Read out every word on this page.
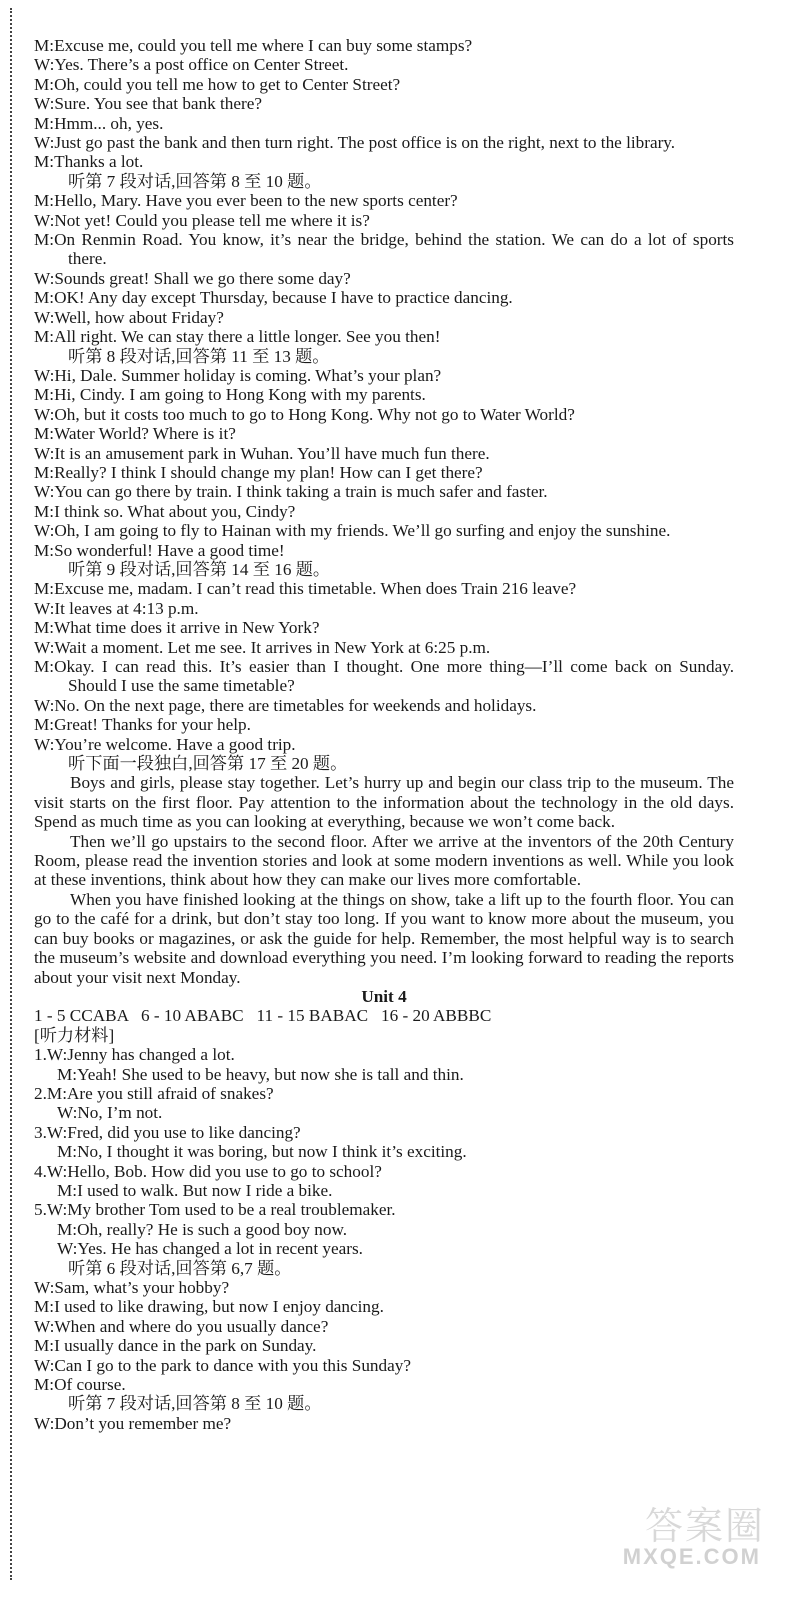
M:Excuse me, could you tell me where I can buy some stamps?
W:Yes. There’s a post office on Center Street.
M:Oh, could you tell me how to get to Center Street?
W:Sure. You see that bank there?
M:Hmm... oh, yes.
W:Just go past the bank and then turn right. The post office is on the right, next to the library.
M:Thanks a lot.
听第 7 段对话,回答第 8 至 10 题。
M:Hello, Mary. Have you ever been to the new sports center?
W:Not yet! Could you please tell me where it is?
M:On Renmin Road. You know, it’s near the bridge, behind the station. We can do a lot of sports there.
W:Sounds great! Shall we go there some day?
M:OK! Any day except Thursday, because I have to practice dancing.
W:Well, how about Friday?
M:All right. We can stay there a little longer. See you then!
听第 8 段对话,回答第 11 至 13 题。
W:Hi, Dale. Summer holiday is coming. What’s your plan?
M:Hi, Cindy. I am going to Hong Kong with my parents.
W:Oh, but it costs too much to go to Hong Kong. Why not go to Water World?
M:Water World? Where is it?
W:It is an amusement park in Wuhan. You’ll have much fun there.
M:Really? I think I should change my plan! How can I get there?
W:You can go there by train. I think taking a train is much safer and faster.
M:I think so. What about you, Cindy?
W:Oh, I am going to fly to Hainan with my friends. We’ll go surfing and enjoy the sunshine.
M:So wonderful! Have a good time!
听第 9 段对话,回答第 14 至 16 题。
M:Excuse me, madam. I can’t read this timetable. When does Train 216 leave?
W:It leaves at 4:13 p.m.
M:What time does it arrive in New York?
W:Wait a moment. Let me see. It arrives in New York at 6:25 p.m.
M:Okay. I can read this. It’s easier than I thought. One more thing—I’ll come back on Sunday. Should I use the same timetable?
W:No. On the next page, there are timetables for weekends and holidays.
M:Great! Thanks for your help.
W:You’re welcome. Have a good trip.
听下面一段独白,回答第 17 至 20 题。
Boys and girls, please stay together. Let’s hurry up and begin our class trip to the museum. The visit starts on the first floor. Pay attention to the information about the technology in the old days. Spend as much time as you can looking at everything, because we won’t come back.
Then we’ll go upstairs to the second floor. After we arrive at the inventors of the 20th Century Room, please read the invention stories and look at some modern inventions as well. While you look at these inventions, think about how they can make our lives more comfortable.
When you have finished looking at the things on show, take a lift up to the fourth floor. You can go to the café for a drink, but don’t stay too long. If you want to know more about the museum, you can buy books or magazines, or ask the guide for help. Remember, the most helpful way is to search the museum’s website and download everything you need. I’m looking forward to reading the reports about your visit next Monday.
Unit 4
1 - 5 CCABA   6 - 10 ABABC   11 - 15 BABAC   16 - 20 ABBBC
[听力材料]
1.W:Jenny has changed a lot.
M:Yeah! She used to be heavy, but now she is tall and thin.
2.M:Are you still afraid of snakes?
W:No, I’m not.
3.W:Fred, did you use to like dancing?
M:No, I thought it was boring, but now I think it’s exciting.
4.W:Hello, Bob. How did you use to go to school?
M:I used to walk. But now I ride a bike.
5.W:My brother Tom used to be a real troublemaker.
M:Oh, really? He is such a good boy now.
W:Yes. He has changed a lot in recent years.
听第 6 段对话,回答第 6,7 题。
W:Sam, what’s your hobby?
M:I used to like drawing, but now I enjoy dancing.
W:When and where do you usually dance?
M:I usually dance in the park on Sunday.
W:Can I go to the park to dance with you this Sunday?
M:Of course.
听第 7 段对话,回答第 8 至 10 题。
W:Don’t you remember me?
答案圈
MXQE.COM
